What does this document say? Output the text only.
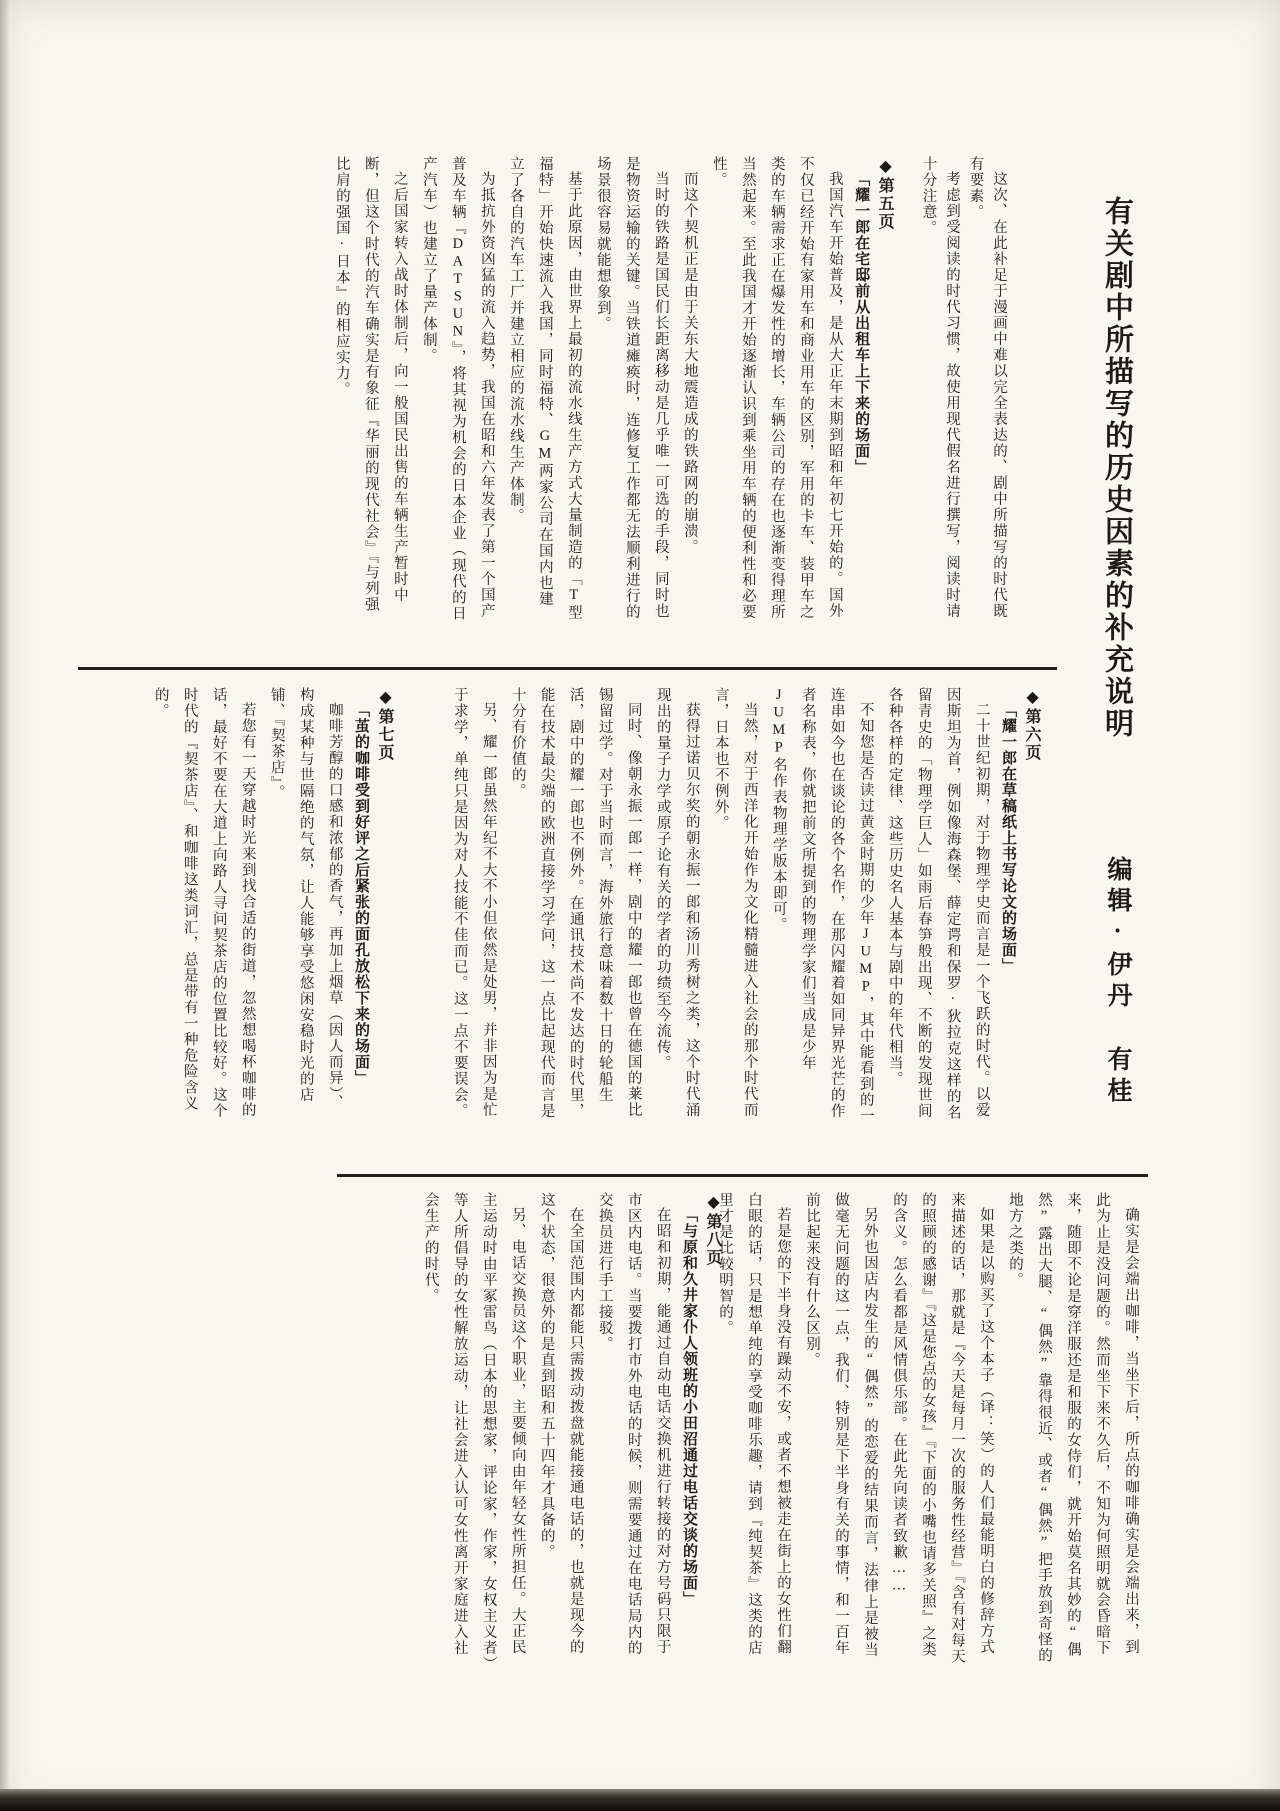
有关剧中所描写的历史因素的补充说明
编辑·伊丹 有桂

这次、在此补足于漫画中难以完全表达的、剧中所描写的时代既有要素。

考虑到受阅读的时代习惯，故使用现代假名进行撰写，阅读时请十分注意。

◆第五页

「耀一郎在宅邸前从出租车上下来的场面」

我国汽车开始普及，是从大正年末期到昭和年初七开始的。国外不仅已经开始有家用车和商业用车的区别，军用的卡车、装甲车之类的车辆需求正在爆发性的增长，车辆公司的存在也逐渐变得理所当然起来。至此我国才开始逐渐认识到乘坐用车辆的便利性和必要性。

而这个契机正是由于关东大地震造成的铁路网的崩溃。

当时的铁路是国民们长距离移动是几乎唯一可选的手段，同时也是物资运输的关键。当铁道瘫痪时，连修复工作都无法顺利进行的场景很容易就能想象到。

基于此原因，由世界上最初的流水线生产方式大量制造的「T型福特」开始快速流入我国，同时福特、GM两家公司在国内也建立了各自的汽车工厂并建立相应的流水线生产体制。

为抵抗外资凶猛的流入趋势，我国在昭和六年发表了第一个国产普及车辆『DATSUN』，将其视为机会的日本企业（现代的日产汽车）也建立了量产体制。

之后国家转入战时体制后，向一般国民出售的车辆生产暂时中断，但这个时代的汽车确实是有象征『华丽的现代社会』『与列强比肩的强国·日本』的相应实力。

◆第六页

「耀一郎在草稿纸上书写论文的场面」

二十世纪初期，对于物理学史而言是一个飞跃的时代。以爱因斯坦为首，例如像海森堡、薛定谔和保罗·狄拉克这样的名留青史的「物理学巨人」如雨后春笋般出现、不断的发现世间各种各样的定律、这些历史名人基本与剧中的年代相当。

不知您是否读过黄金时期的少年JUMP，其中能看到的一连串如今也在谈论的各个名作，在那闪耀着如同异界光芒的作者名称表，你就把前文所提到的物理学家们当成是少年JUMP名作表物理学版本即可。

当然，对于西洋化开始作为文化精髓进入社会的那个时代而言，日本也不例外。

获得过诺贝尔奖的朝永振一郎和汤川秀树之类，这个时代涌现出的量子力学或原子论有关的学者的功绩至今流传。

同时、像朝永振一郎一样，剧中的耀一郎也曾在德国的莱比锡留过学。对于当时而言，海外旅行意味着数十日的轮船生活，剧中的耀一郎也不例外。在通讯技术尚不发达的时代里，能在技术最尖端的欧洲直接学习学问，这一点比起现代而言是十分有价值的。

另、耀一郎虽然年纪不大不小但依然是处男，并非因为是忙于求学，单纯只是因为对人技能不佳而已。这一点不要误会。

◆第七页

「茧的咖啡受到好评之后紧张的面孔放松下来的场面」

咖啡芳醇的口感和浓郁的香气，再加上烟草（因人而异）、构成某种与世隔绝的气氛，让人能够享受悠闲安稳时光的店铺、『契茶店』。

若您有一天穿越时光来到找合适的街道，忽然想喝杯咖啡的话，最好不要在大道上向路人寻问契茶店的位置比较好。这个时代的『契茶店』、和咖啡这类词汇，总是带有一种危险含义的。

确实是会端出咖啡，当坐下后，所点的咖啡确实是会端出来，到此为止是没问题的。然而坐下来不久后，不知为何照明就会昏暗下来，随即不论是穿洋服还是和服的女侍们，就开始莫名其妙的“偶然”露出大腿、“偶然”靠得很近、或者“偶然”把手放到奇怪的地方之类的。

如果是以购买了这个本子（译：笑）的人们最能明白的修辞方式来描述的话，那就是『今天是每月一次的服务性经营』『含有对每天的照顾的感谢』『这是您点的女孩』『下面的小嘴也请多关照』之类的含义。怎么看都是风情俱乐部。在此先向读者致歉……

另外也因店内发生的“偶然”的恋爱的结果而言，法律上是被当做毫无问题的这一点，我们、特别是下半身有关的事情，和一百年前比起来没有什么区别。

若是您的下半身没有躁动不安，或者不想被走在街上的女性们翻白眼的话，只是想单纯的享受咖啡乐趣，请到『纯契茶』这类的店里才是比较明智的。

◆第八页

「与原和久井家仆人领班的小田沼通过电话交谈的场面」

在昭和初期，能通过自动电话交换机进行转接的对方号码只限于市区内电话。当要拨打市外电话的时候，则需要通过在电话局内的交换员进行手工接驳。

在全国范围内都能只需拨动拨盘就能接通电话的，也就是现今的这个状态，很意外的是直到昭和五十四年才具备的。

另、电话交换员这个职业，主要倾向由年轻女性所担任。大正民主运动时由平冢雷鸟（日本的思想家，评论家，作家，女权主义者）等人所倡导的女性解放运动，让社会进入认可女性离开家庭进入社会生产的时代。
